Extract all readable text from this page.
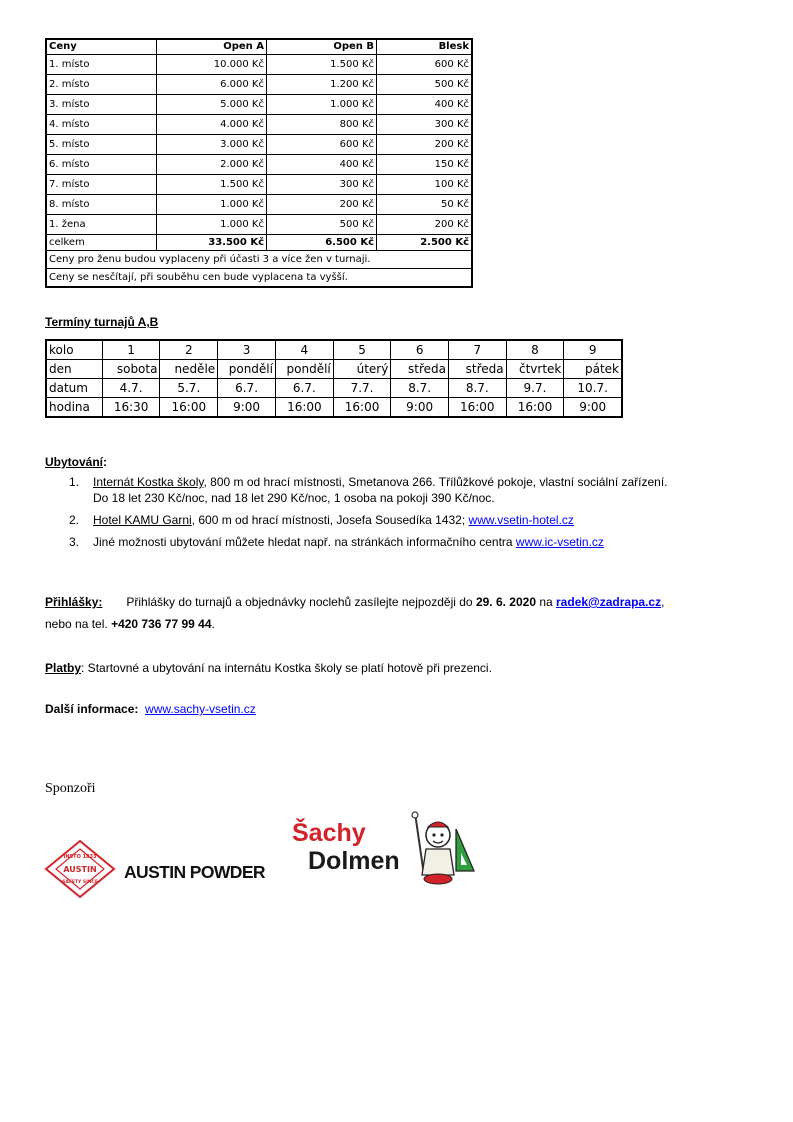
Ceny	Open A	Open B	Blesk
1. místo	10.000 Kč	1.500 Kč	600 Kč
2. místo	6.000 Kč	1.200 Kč	500 Kč
3. místo	5.000 Kč	1.000 Kč	400 Kč
4. místo	4.000 Kč	800 Kč	300 Kč
5. místo	3.000 Kč	600 Kč	200 Kč
6. místo	2.000 Kč	400 Kč	150 Kč
7. místo	1.500 Kč	300 Kč	100 Kč
8. místo	1.000 Kč	200 Kč	50 Kč
1. žena	1.000 Kč	500 Kč	200 Kč
celkem	33.500 Kč	6.500 Kč	2.500 Kč
Ceny pro ženu budou vyplaceny při účasti 3 a více žen v turnaji.			
Ceny se nesčítají, při souběhu cen bude vyplacena ta vyšší.			

Termíny turnajů A,B

kolo	1	2	3	4	5	6	7	8	9
den	sobota	neděle	pondělí	pondělí	úterý	středa	středa	čtvrtek	pátek
datum	4.7.	5.7.	6.7.	6.7.	7.7.	8.7.	8.7.	9.7.	10.7.
hodina	16:30	16:00	9:00	16:00	16:00	9:00	16:00	16:00	9:00
Ubytování:
1. Internát Kostka školy, 800 m od hrací místnosti, Smetanova 266. Třílůžkové pokoje, vlastní sociální zařízení.
Do 18 let 230 Kč/noc, nad 18 let 290 Kč/noc, 1 osoba na pokoji 390 Kč/noc.
2. Hotel KAMU Garni, 600 m od hrací místnosti, Josefa Sousedíka 1432; www.vsetin-hotel.cz
3. Jiné možnosti ubytování můžete hledat např. na stránkách informačního centra www.ic-vsetin.cz
Přihlášky: Přihlášky do turnajů a objednávky noclehů zasílejte nejpozději do 29. 6. 2020 na radek@zadrapa.cz,
nebo na tel. +420 736 77 99 44.
Platby: Startovné a ubytování na internátu Kostka školy se platí hotově při prezenci.
Další informace: www.sachy-vsetin.cz
Sponzoři
INSTO 1833
AUSTIN
SAFETY SINCE
AUSTIN POWDER
Šachy
Dolmen
